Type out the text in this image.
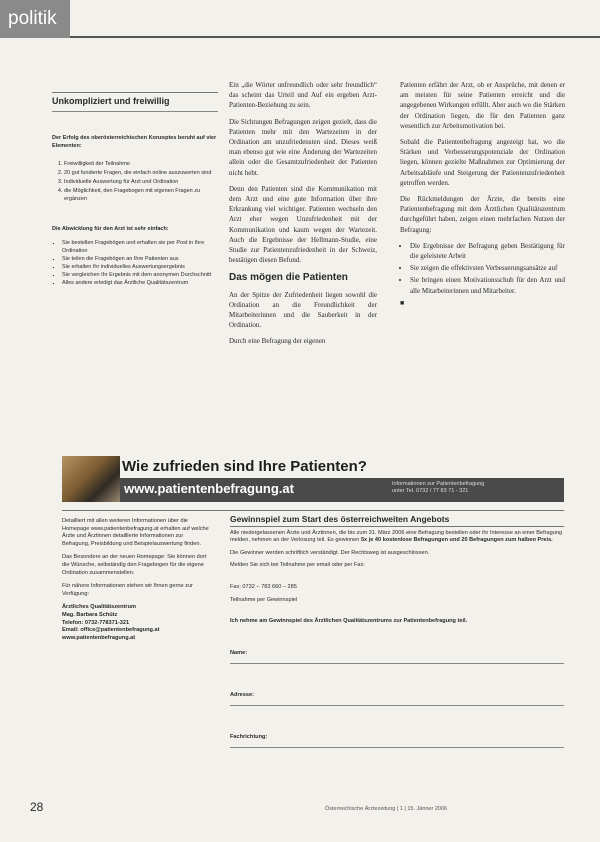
politik
Unkompliziert und freiwillig
Der Erfolg des oberösterreichischen Konzeptes beruht auf vier Elementen:
1. Freiwilligkeit der Teilnahme
2. 20 gut fundierte Fragen, die einfach online auszuwerten sind
3. Individuelle Auswertung für Arzt und Ordination
4. die Möglichkeit, den Fragebogen mit eigenen Fragen zu ergänzen
Die Abwicklung für den Arzt ist sehr einfach:
▪ Sie bestellen Fragebögen und erhalten sie per Post in Ihre Ordination
▪ Sie teilen die Fragebögen an Ihre Patienten aus
▪ Sie erhalten Ihr individuelles Auswertungsergebnis
▪ Sie vergleichen Ihr Ergebnis mit dem anonymen Durchschnitt
▪ Alles andere erledigt das Ärztliche Qualitätszentrum

Ein „die Wörter unfreundlich oder sehr freundlich“ das scheint das Urteil und Auf ein ergeben Arzt-Patienten-Beziehung zu sein.

Die Sichtungen Befragungen zeigen gezielt, dass die Patienten mehr mit den Wartezeiten in der Ordination am unzufriedensten sind. Dieses weiß man ebenso gut wie eine Änderung der Wartezeiten allein oder die Gesamtzufriedenheit der Patienten nicht hebt.

Denn den Patienten sind die Kommunikation mit dem Arzt und eine gute Information über ihre Erkrankung viel wichtiger. Patienten wechseln den Arzt eher wegen Unzufriedenheit mit der Kommunikation und kaum wegen der Wartezeit. Auch die Ergebnisse der Hellmann-Studie, eine Studie zur Patientenzufriedenheit in der Schweiz, bestätigen diesen Befund.

Das mögen die Patienten

An der Spitze der Zufriedenheit liegen sowohl die Ordination an die Freundlichkeit der Mitarbeiterinnen und die Sauberkeit in der Ordination.

Durch eine Befragung der eigenen

Patienten erfährt der Arzt, ob er Ansprüche, mit denen er am meisten für seine Patienten erreicht und die angegebenen Wirkungen erfüllt. Aber auch wo die Stärken der Ordination liegen, die für den Patienten ganz wesentlich zur Arbeitsmotivation bei.

Sobald die Patientenbefragung angezeigt hat, wo die Stärken und Verbesserungspotenziale der Ordination liegen, können gezielte Maßnahmen zur Optimierung der Arbeitsabläufe und Steigerung der Patientenzufriedenheit getroffen werden.

Die Rückmeldungen der Ärzte, die bereits eine Patientenbefragung mit dem Ärztlichen Qualitätszentrum durchgeführt haben, zeigen einen mehrfachen Nutzen der Befragung:

• Die Ergebnisse der Befragung geben Bestätigung für die geleistete Arbeit
• Sie zeigen die effektivsten Verbesserungsansätze auf
• Sie bringen einen Motivationsschub für den Arzt und alle Mitarbeiterinnen und Mitarbeiter.
■
Wie zufrieden sind Ihre Patienten?
www.patientenbefragung.at	Informationen zur Patientenbefragung
unter Tel. 0732 / 77 83 71 - 321

Detailliert mit allen weiteren Informationen über die Homepage www.patientenbefragung.at erhalten auf welche Ärzte und Ärztinnen detaillierte Informationen zur Befragung, Preisbildung und Beispielauswertung finden.

Das Besondere an der neuen Homepage: Sie können dort die Wünsche, selbständig den Fragebogen für die eigene Ordination zusammenstellen.

Für nähere Informationen stehen wir Ihnen gerne zur Verfügung:

Ärztliches Qualitätszentrum
Mag. Barbara Schütz
Telefon: 0732-778371-321
Email: office@patientenbefragung.at
www.patientenbefragung.at
Gewinnspiel zum Start des österreichweiten Angebots

Alle niedergelassenen Ärzte und Ärztinnen, die bis zum 31. März 2006 eine Befragung bestellen oder ihr Interesse an einer Befragung melden, nehmen an der Verlosung teil. Es gewinnen 5x je 40 kostenlose Befragungen und 20 Befragungen zum halben Preis.

Die Gewinner werden schriftlich verständigt. Der Rechtsweg ist ausgeschlossen.

Melden Sie sich bei Teilnahme per email oder per Fax:

Fax: 0732 – 783 660 – 285

Teilnahme per Gewinnspiel

Ich nehme am Gewinnspiel des Ärztlichen Qualitätszentrums zur Patientenbefragung teil.

Name:
Adresse:
Fachrichtung:
28	Österreichische Ärztezeitung | 1 | 15. Jänner 2006
